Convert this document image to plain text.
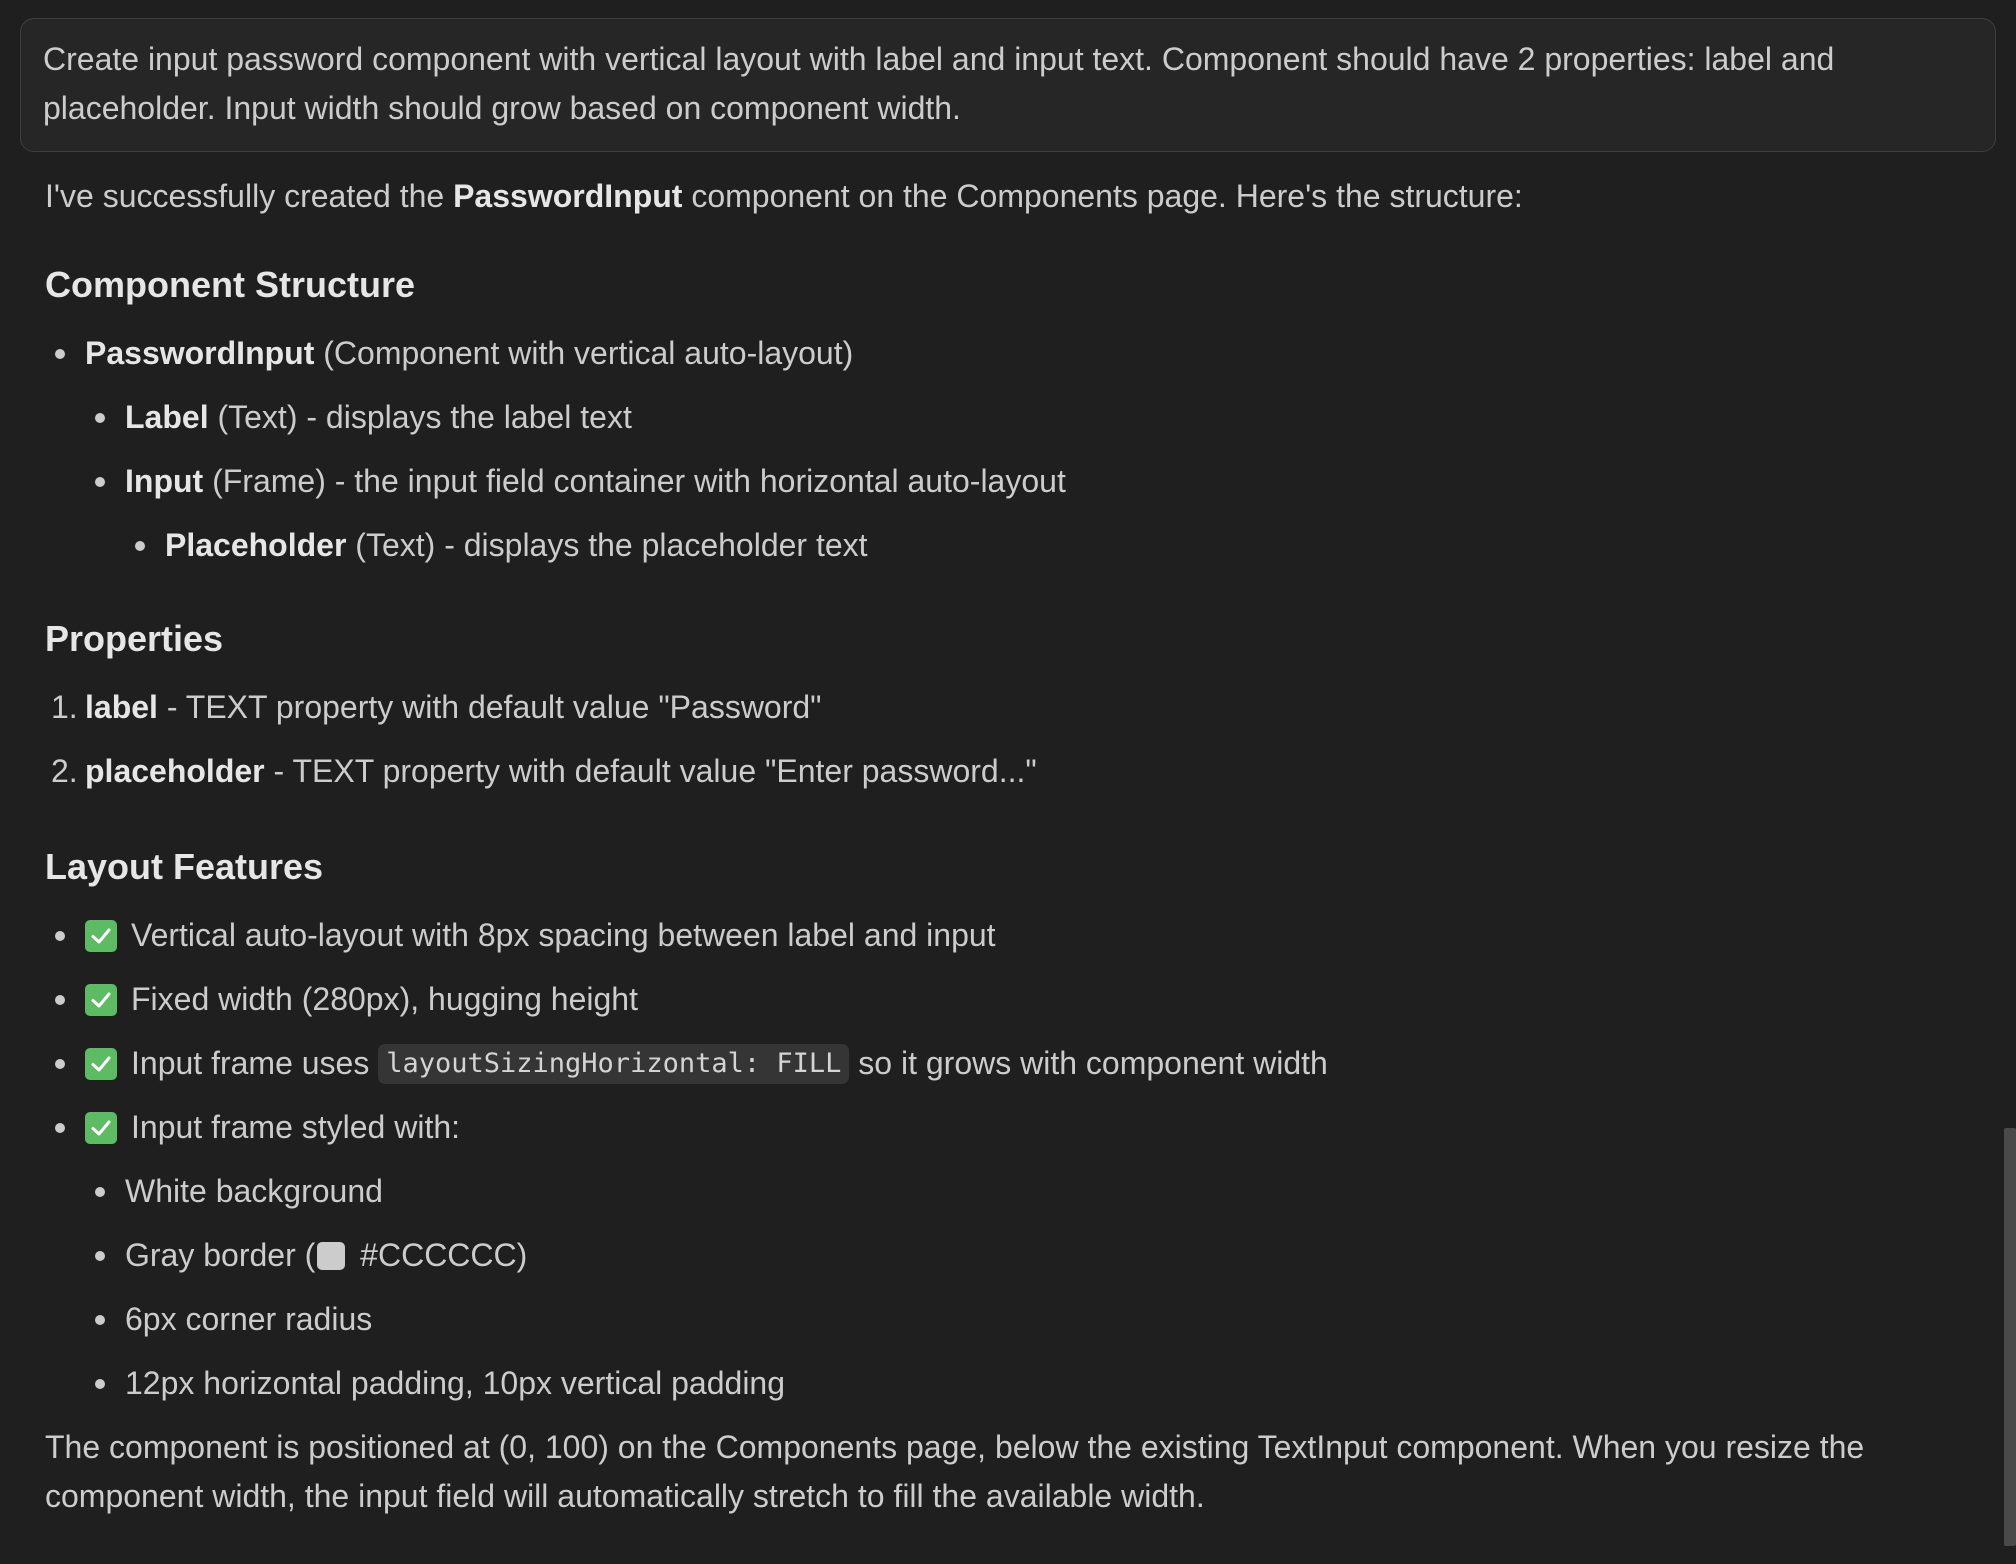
Create input password component with vertical layout with label and input text. Component should have 2 properties: label and placeholder. Input width should grow based on component width.

I've successfully created the PasswordInput component on the Components page. Here's the structure:

Component Structure
PasswordInput (Component with vertical auto-layout)
Label (Text) - displays the label text
Input (Frame) - the input field container with horizontal auto-layout
Placeholder (Text) - displays the placeholder text
Properties
1. label - TEXT property with default value "Password"
2. placeholder - TEXT property with default value "Enter password..."
Layout Features
Vertical auto-layout with 8px spacing between label and input
Fixed width (280px), hugging height
Input frame uses layoutSizingHorizontal: FILL so it grows with component width
Input frame styled with:
White background
Gray border ( #CCCCCC)
6px corner radius
12px horizontal padding, 10px vertical padding

The component is positioned at (0, 100) on the Components page, below the existing TextInput component. When you resize the component width, the input field will automatically stretch to fill the available width.
